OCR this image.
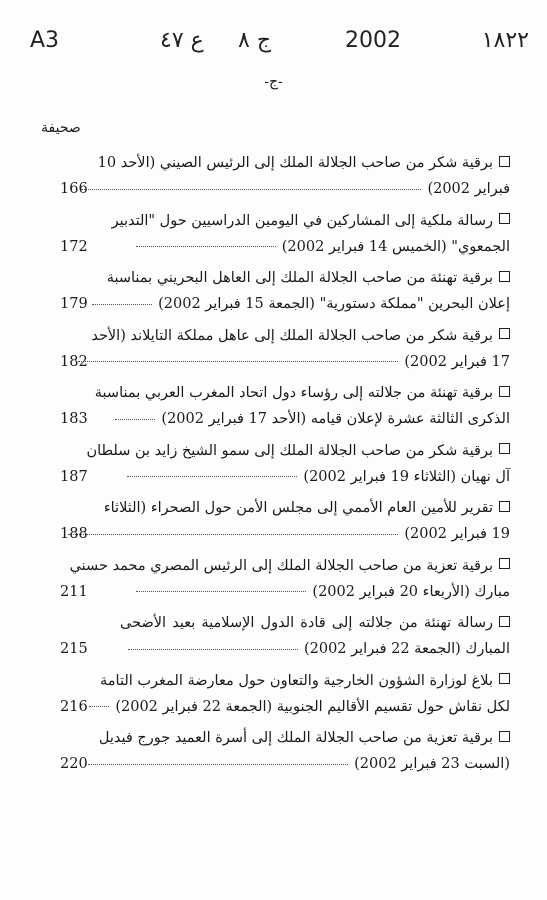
١٨٢٢
2002
ج ٨
ع ٤٧
A3
-ج-
صحيفة
برقية شكر من صاحب الجلالة الملك إلى الرئيس الصيني (الأحد 10
فبراير 2002)
166
رسالة ملكية إلى المشاركين في اليومين الدراسيين حول "التدبير
الجمعوي" (الخميس 14 فبراير 2002)
172
برقية تهنئة من صاحب الجلالة الملك إلى العاهل البحريني بمناسبة
إعلان البحرين "مملكة دستورية" (الجمعة 15 فبراير 2002)
179
برقية شكر من صاحب الجلالة الملك إلى عاهل مملكة التايلاند (الأحد
17 فبراير 2002)
182
برقية تهنئة من جلالته إلى رؤساء دول اتحاد المغرب العربي بمناسبة
الذكرى الثالثة عشرة لإعلان قيامه (الأحد 17 فبراير 2002)
183
برقية شكر من صاحب الجلالة الملك إلى سمو الشيخ زايد بن سلطان
آل نهيان (الثلاثاء 19 فبراير 2002)
187
تقرير للأمين العام الأممي إلى مجلس الأمن حول الصحراء (الثلاثاء
19 فبراير 2002)
188
برقية تعزية من صاحب الجلالة الملك إلى الرئيس المصري محمد حسني
مبارك (الأربعاء 20 فبراير 2002)
211
رسالة تهنئة من جلالته إلى قادة الدول الإسلامية بعيد الأضحى
المبارك (الجمعة 22 فبراير 2002)
215
بلاغ لوزارة الشؤون الخارجية والتعاون حول معارضة المغرب التامة
لكل نقاش حول تقسيم الأقاليم الجنوبية (الجمعة 22 فبراير 2002)
216
برقية تعزية من صاحب الجلالة الملك إلى أسرة العميد جورج فيديل
(السبت 23 فبراير 2002)
220
